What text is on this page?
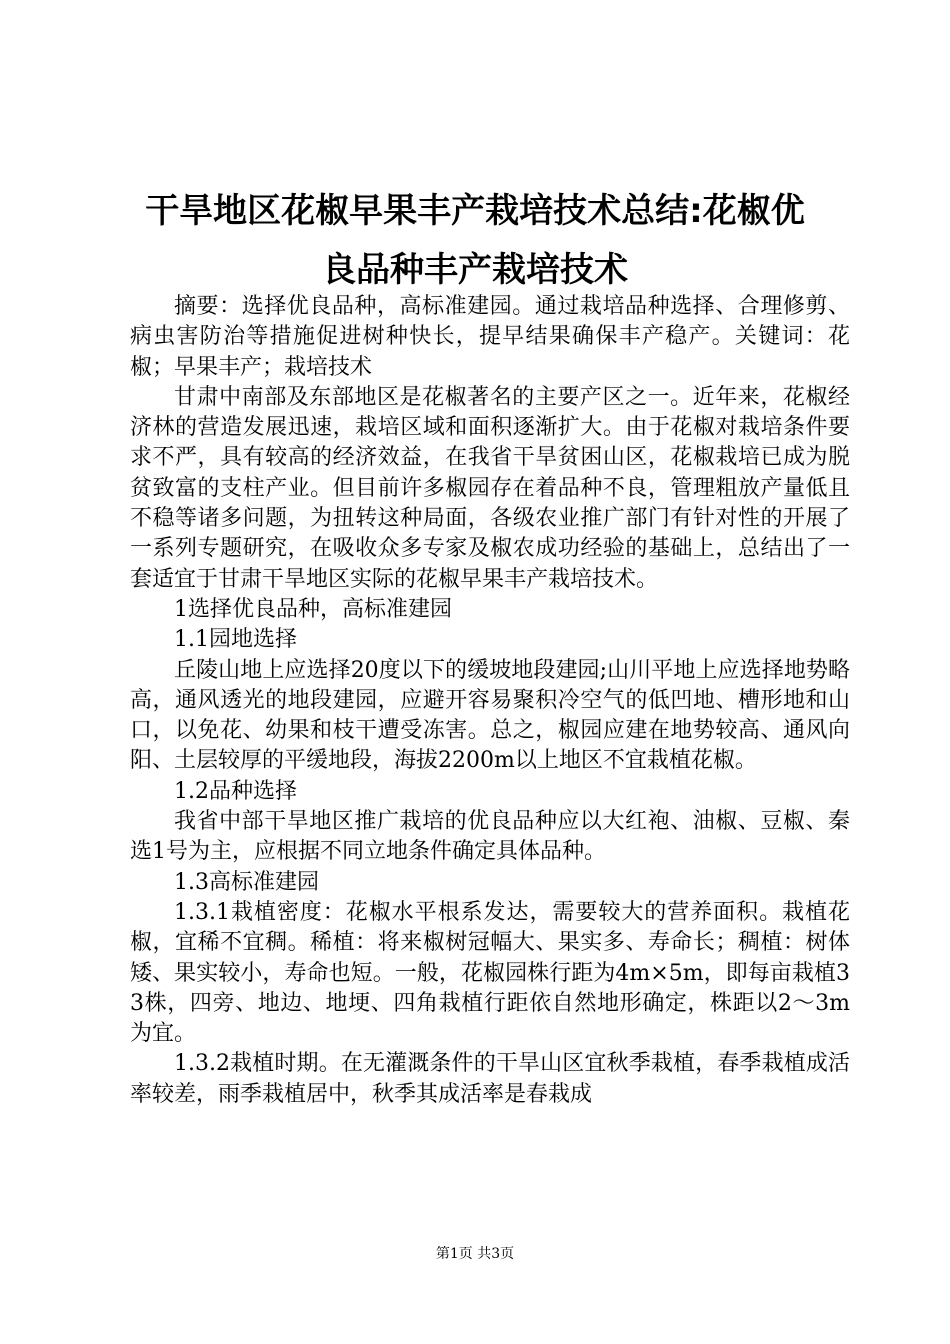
干旱地区花椒早果丰产栽培技术总结:花椒优
良品种丰产栽培技术

摘要：选择优良品种，高标准建园。通过栽培品种选择、合理修剪、病虫害防治等措施促进树种快长，提早结果确保丰产稳产。关键词：花椒；早果丰产；栽培技术

甘肃中南部及东部地区是花椒著名的主要产区之一。近年来，花椒经济林的营造发展迅速，栽培区域和面积逐渐扩大。由于花椒对栽培条件要求不严，具有较高的经济效益，在我省干旱贫困山区，花椒栽培已成为脱贫致富的支柱产业。但目前许多椒园存在着品种不良，管理粗放产量低且不稳等诸多问题，为扭转这种局面，各级农业推广部门有针对性的开展了一系列专题研究，在吸收众多专家及椒农成功经验的基础上，总结出了一套适宜于甘肃干旱地区实际的花椒早果丰产栽培技术。

1选择优良品种，高标准建园

1.1园地选择

丘陵山地上应选择20度以下的缓坡地段建园;山川平地上应选择地势略高，通风透光的地段建园，应避开容易聚积冷空气的低凹地、槽形地和山口，以免花、幼果和枝干遭受冻害。总之，椒园应建在地势较高、通风向阳、土层较厚的平缓地段，海拔2200m以上地区不宜栽植花椒。

1.2品种选择

我省中部干旱地区推广栽培的优良品种应以大红袍、油椒、豆椒、秦选1号为主，应根据不同立地条件确定具体品种。

1.3高标准建园

1.3.1栽植密度：花椒水平根系发达，需要较大的营养面积。栽植花椒，宜稀不宜稠。稀植：将来椒树冠幅大、果实多、寿命长；稠植：树体矮、果实较小，寿命也短。一般，花椒园株行距为4m×5m，即每亩栽植33株，四旁、地边、地埂、四角栽植行距依自然地形确定，株距以2～3m为宜。

1.3.2栽植时期。在无灌溉条件的干旱山区宜秋季栽植，春季栽植成活率较差，雨季栽植居中，秋季其成活率是春栽成

第1页 共3页
